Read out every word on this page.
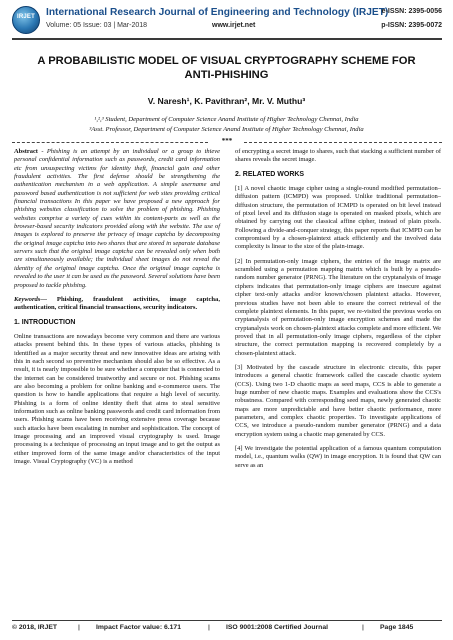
IRJET	International Research Journal of Engineering and Technology (IRJET)
Volume: 05 Issue: 03 | Mar-2018	www.irjet.net
e-ISSN: 2395-0056
p-ISSN: 2395-0072
A PROBABILISTIC MODEL OF VISUAL CRYPTOGRAPHY SCHEME FOR
ANTI-PHISHING
V. Naresh¹, K. Pavithran², Mr. V. Muthu³
¹,²,³ Student, Department of Computer Science Anand Institute of Higher Technology Chennai, India
³Asst. Professor, Department of Computer Science Anand Institute of Higher Technology Chennai, India
***

Abstract - Phishing is an attempt by an individual or a group to thieve personal confidential information such as passwords, credit card information etc from unsuspecting victims for identity theft, financial gain and other fraudulent activities. The first defense should be strengthening the authentication mechanism in a web application. A simple username and password based authentication is not sufficient for web sites providing critical financial transactions In this paper we have proposed a new approach for phishing websites classification to solve the problem of phishing. Phishing websites comprise a variety of cues within its content-parts as well as the browser-based security indicators provided along with the website. The use of images is explored to preserve the privacy of image captcha by decomposing the original image captcha into two shares that are stored in separate database servers such that the original image captcha can be revealed only when both are simultaneously available; the individual sheet images do not reveal the identity of the original image captcha. Once the original image captcha is revealed to the user it can be used as the password. Several solutions have been proposed to tackle phishing.

Keywords— Phishing, fraudulent activities, image captcha, authentication, critical financial transactions, security indicators.

1. INTRODUCTION

Online transactions are nowadays become very common and there are various attacks present behind this. In these types of various attacks, phishing is identified as a major security threat and new innovative ideas are arising with this in each second so preventive mechanism should also be so effective. As a result, it is nearly impossible to be sure whether a computer that is connected to the internet can be considered trustworthy and secure or not. Phishing scams are also becoming a problem for online banking and e-commerce users. The question is how to handle applications that require a high level of security. Phishing is a form of online identity theft that aims to steal sensitive information such as online banking passwords and credit card information from users. Phishing scams have been receiving extensive press coverage because such attacks have been escalating in number and sophistication. The concept of image processing and an improved visual cryptography is used. Image processing is a technique of processing an input image and to get the output as either improved form of the same image and/or characteristics of the input image. Visual Cryptography (VC) is a method

of encrypting a secret image to shares, such that stacking a sufficient number of shares reveals the secret image.

2. RELATED WORKS

[1] A novel chaotic image cipher using a single-round modified permutation– diffusion pattern (ICMPD) was proposed. Unlike traditional permutation–diffusion structure, the permutation of ICMPD is operated on bit level instead of pixel level and its diffusion stage is operated on masked pixels, which are obtained by carrying out the classical affine cipher, instead of plain pixels. Following a divide-and-conquer strategy, this paper reports that ICMPD can be compromised by a chosen-plaintext attack efficiently and the involved data complexity is linear to the size of the plain-image.

[2] In permutation-only image ciphers, the entries of the image matrix are scrambled using a permutation mapping matrix which is built by a pseudo-random number generator (PRNG). The literature on the cryptanalysis of image ciphers indicates that permutation-only image ciphers are insecure against cipher text-only attacks and/or known/chosen plaintext attacks. However, previous studies have not been able to ensure the correct retrieval of the complete plaintext elements. In this paper, we re-visited the previous works on cryptanalysis of permutation-only image encryption schemes and made the cryptanalysis work on chosen-plaintext attacks complete and more efficient. We proved that in all permutation-only image ciphers, regardless of the cipher structure, the correct permutation mapping is recovered completely by a chosen-plaintext attack.

[3] Motivated by the cascade structure in electronic circuits, this paper introduces a general chaotic framework called the cascade chaotic system (CCS). Using two 1-D chaotic maps as seed maps, CCS is able to generate a huge number of new chaotic maps. Examples and evaluations show the CCS's robustness. Compared with corresponding seed maps, newly generated chaotic maps are more unpredictable and have better chaotic performance, more parameters, and complex chaotic properties. To investigate applications of CCS, we introduce a pseudo-random number generator (PRNG) and a data encryption system using a chaotic map generated by CCS.

[4] We investigate the potential application of a famous quantum computation model, i.e., quantum walks (QW) in image encryption. It is found that QW can serve as an

© 2018, IRJET	| Impact Factor value: 6.171	| ISO 9001:2008 Certified Journal	| Page 1845
